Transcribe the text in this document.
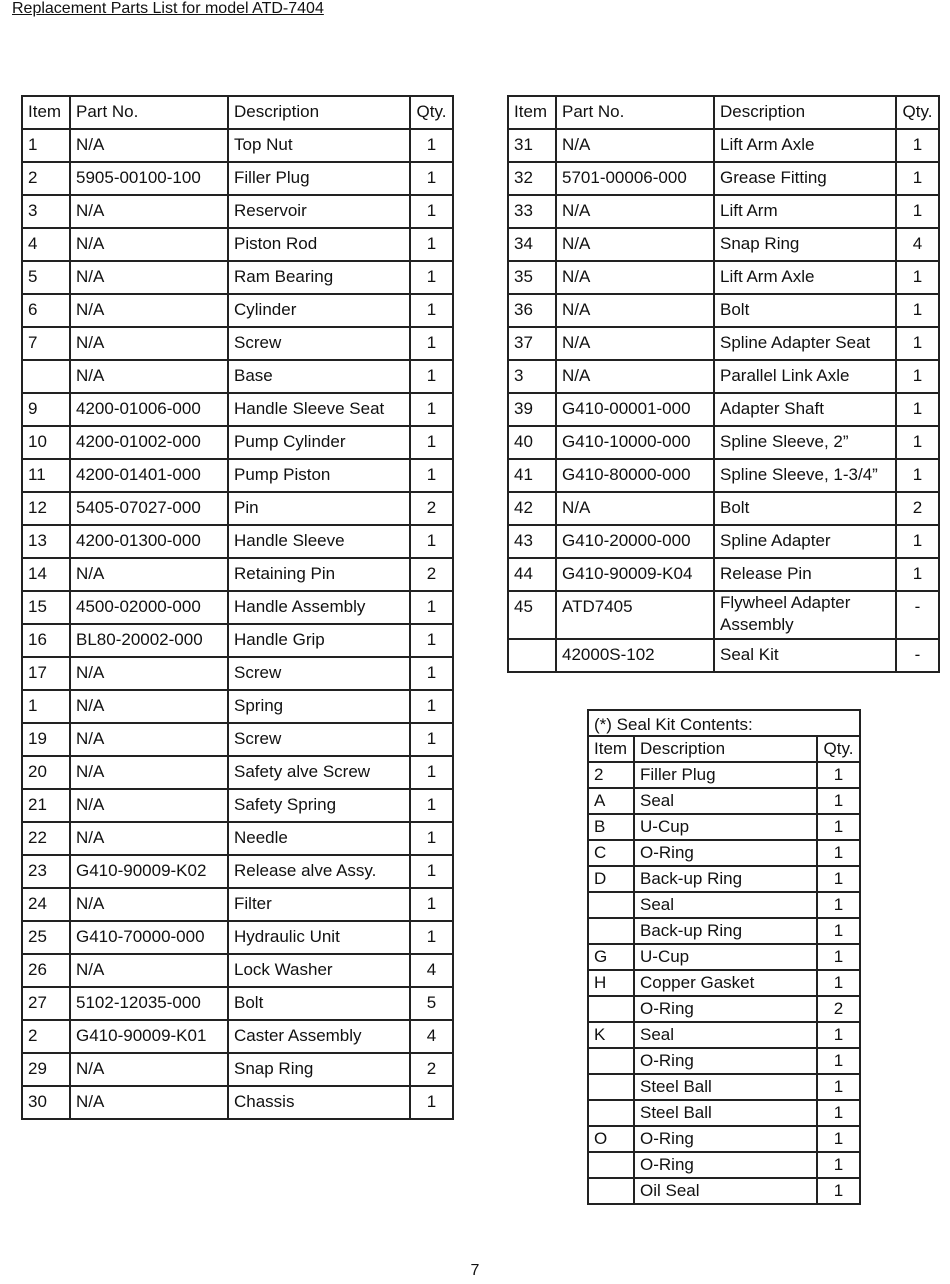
Replacement Parts List for model ATD-7404
Item	Part No.	Description	Qty.
1	N/A	Top Nut	1
2	5905-00100-100	Filler Plug	1
3	N/A	Reservoir	1
4	N/A	Piston Rod	1
5	N/A	Ram Bearing	1
6	N/A	Cylinder	1
7	N/A	Screw	1
	N/A	Base	1
9	4200-01006-000	Handle Sleeve Seat	1
10	4200-01002-000	Pump Cylinder	1
11	4200-01401-000	Pump Piston	1
12	5405-07027-000	Pin	2
13	4200-01300-000	Handle Sleeve	1
14	N/A	Retaining Pin	2
15	4500-02000-000	Handle Assembly	1
16	BL80-20002-000	Handle Grip	1
17	N/A	Screw	1
1	N/A	Spring	1
19	N/A	Screw	1
20	N/A	Safety alve Screw	1
21	N/A	Safety Spring	1
22	N/A	Needle	1
23	G410-90009-K02	Release alve Assy.	1
24	N/A	Filter	1
25	G410-70000-000	Hydraulic Unit	1
26	N/A	Lock Washer	4
27	5102-12035-000	Bolt	5
2	G410-90009-K01	Caster Assembly	4
29	N/A	Snap Ring	2
30	N/A	Chassis	1
Item	Part No.	Description	Qty.
31	N/A	Lift Arm Axle	1
32	5701-00006-000	Grease Fitting	1
33	N/A	Lift Arm	1
34	N/A	Snap Ring	4
35	N/A	Lift Arm Axle	1
36	N/A	Bolt	1
37	N/A	Spline Adapter Seat	1
3	N/A	Parallel Link Axle	1
39	G410-00001-000	Adapter Shaft	1
40	G410-10000-000	Spline Sleeve, 2”	1
41	G410-80000-000	Spline Sleeve, 1-3/4”	1
42	N/A	Bolt	2
43	G410-20000-000	Spline Adapter	1
44	G410-90009-K04	Release Pin	1
45	ATD7405	Flywheel Adapter Assembly	-
	42000S-102	Seal Kit	-
(*) Seal Kit Contents:		
Item	Description	Qty.
2	Filler Plug	1
A	Seal	1
B	U-Cup	1
C	O-Ring	1
D	Back-up Ring	1
	Seal	1
	Back-up Ring	1
G	U-Cup	1
H	Copper Gasket	1
	O-Ring	2
K	Seal	1
	O-Ring	1
	Steel Ball	1
	Steel Ball	1
O	O-Ring	1
	O-Ring	1
	Oil Seal	1
7
